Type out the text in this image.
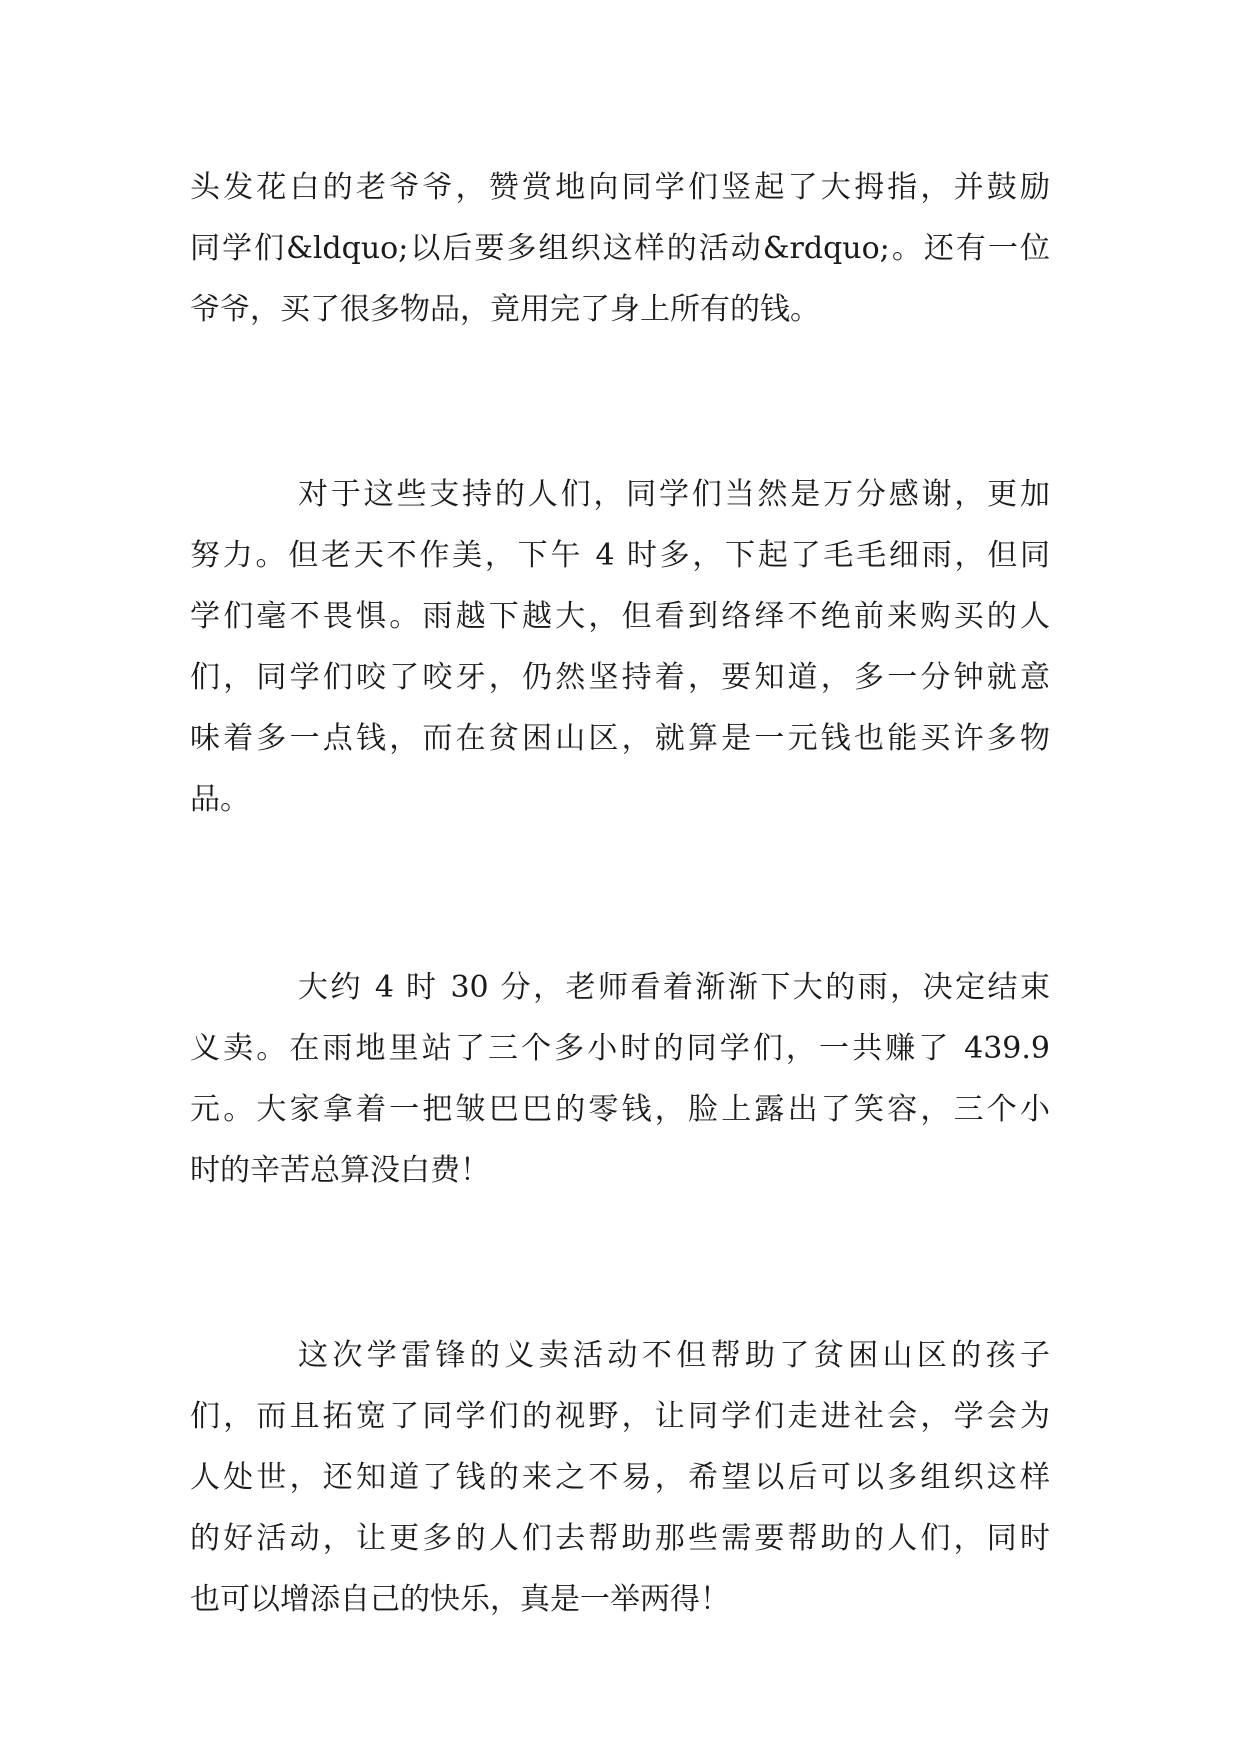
头发花白的老爷爷，赞赏地向同学们竖起了大拇指，并鼓励
同学们&ldquo;以后要多组织这样的活动&rdquo;。还有一位
爷爷，买了很多物品，竟用完了身上所有的钱。
对于这些支持的人们，同学们当然是万分感谢，更加
努力。但老天不作美，下午 4 时多，下起了毛毛细雨，但同
学们毫不畏惧。雨越下越大，但看到络绎不绝前来购买的人
们，同学们咬了咬牙，仍然坚持着，要知道，多一分钟就意
味着多一点钱，而在贫困山区，就算是一元钱也能买许多物
品。
大约 4 时 30 分，老师看着渐渐下大的雨，决定结束
义卖。在雨地里站了三个多小时的同学们，一共赚了 439.9
元。大家拿着一把皱巴巴的零钱，脸上露出了笑容，三个小
时的辛苦总算没白费！
这次学雷锋的义卖活动不但帮助了贫困山区的孩子
们，而且拓宽了同学们的视野，让同学们走进社会，学会为
人处世，还知道了钱的来之不易，希望以后可以多组织这样
的好活动，让更多的人们去帮助那些需要帮助的人们，同时
也可以增添自己的快乐，真是一举两得！
